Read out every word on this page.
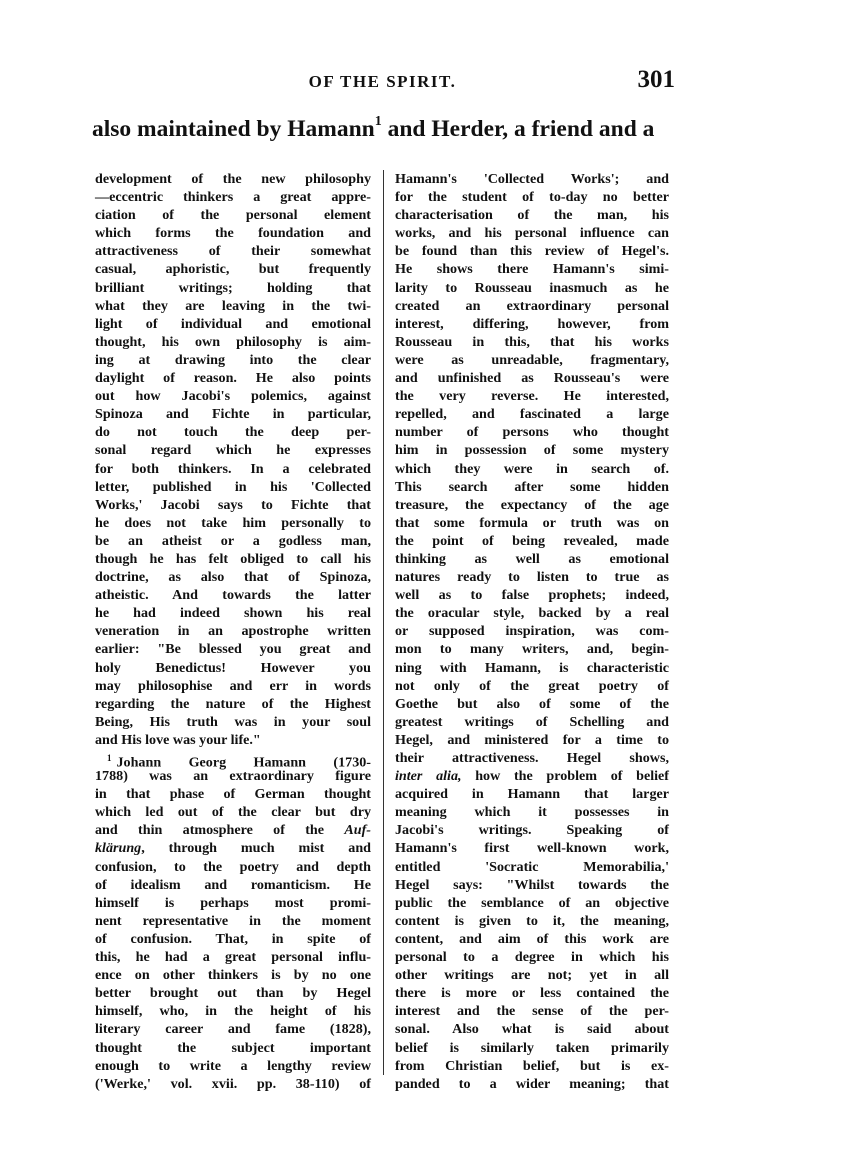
OF THE SPIRIT.	301
also maintained by Hamann$^1$ and Herder, a friend and a
development of the new philosophy
—eccentric thinkers a great appre-
ciation of the personal element
which forms the foundation and
attractiveness of their somewhat
casual, aphoristic, but frequently
brilliant writings; holding that
what they are leaving in the twi-
light of individual and emotional
thought, his own philosophy is aim-
ing at drawing into the clear
daylight of reason. He also points
out how Jacobi's polemics, against
Spinoza and Fichte in particular,
do not touch the deep per-
sonal regard which he expresses
for both thinkers. In a celebrated
letter, published in his 'Collected
Works,' Jacobi says to Fichte that
he does not take him personally to
be an atheist or a godless man,
though he has felt obliged to call his
doctrine, as also that of Spinoza,
atheistic. And towards the latter
he had indeed shown his real
veneration in an apostrophe written
earlier: "Be blessed you great and
holy Benedictus! However you
may philosophise and err in words
regarding the nature of the Highest
Being, His truth was in your soul
and His love was your life."
$^1$ Johann Georg Hamann (1730-
1788) was an extraordinary figure
in that phase of German thought
which led out of the clear but dry
and thin atmosphere of the Auf-
klärung, through much mist and
confusion, to the poetry and depth
of idealism and romanticism. He
himself is perhaps most promi-
nent representative in the moment
of confusion. That, in spite of
this, he had a great personal influ-
ence on other thinkers is by no one
better brought out than by Hegel
himself, who, in the height of his
literary career and fame (1828),
thought the subject important
enough to write a lengthy review
('Werke,' vol. xvii. pp. 38-110) of
Hamann's 'Collected Works'; and
for the student of to-day no better
characterisation of the man, his
works, and his personal influence can
be found than this review of Hegel's.
He shows there Hamann's simi-
larity to Rousseau inasmuch as he
created an extraordinary personal
interest, differing, however, from
Rousseau in this, that his works
were as unreadable, fragmentary,
and unfinished as Rousseau's were
the very reverse. He interested,
repelled, and fascinated a large
number of persons who thought
him in possession of some mystery
which they were in search of.
This search after some hidden
treasure, the expectancy of the age
that some formula or truth was on
the point of being revealed, made
thinking as well as emotional
natures ready to listen to true as
well as to false prophets; indeed,
the oracular style, backed by a real
or supposed inspiration, was com-
mon to many writers, and, begin-
ning with Hamann, is characteristic
not only of the great poetry of
Goethe but also of some of the
greatest writings of Schelling and
Hegel, and ministered for a time to
their attractiveness. Hegel shows,
inter alia, how the problem of belief
acquired in Hamann that larger
meaning which it possesses in
Jacobi's writings. Speaking of
Hamann's first well-known work,
entitled 'Socratic Memorabilia,'
Hegel says: "Whilst towards the
public the semblance of an objective
content is given to it, the meaning,
content, and aim of this work are
personal to a degree in which his
other writings are not; yet in all
there is more or less contained the
interest and the sense of the per-
sonal. Also what is said about
belief is similarly taken primarily
from Christian belief, but is ex-
panded to a wider meaning; that
